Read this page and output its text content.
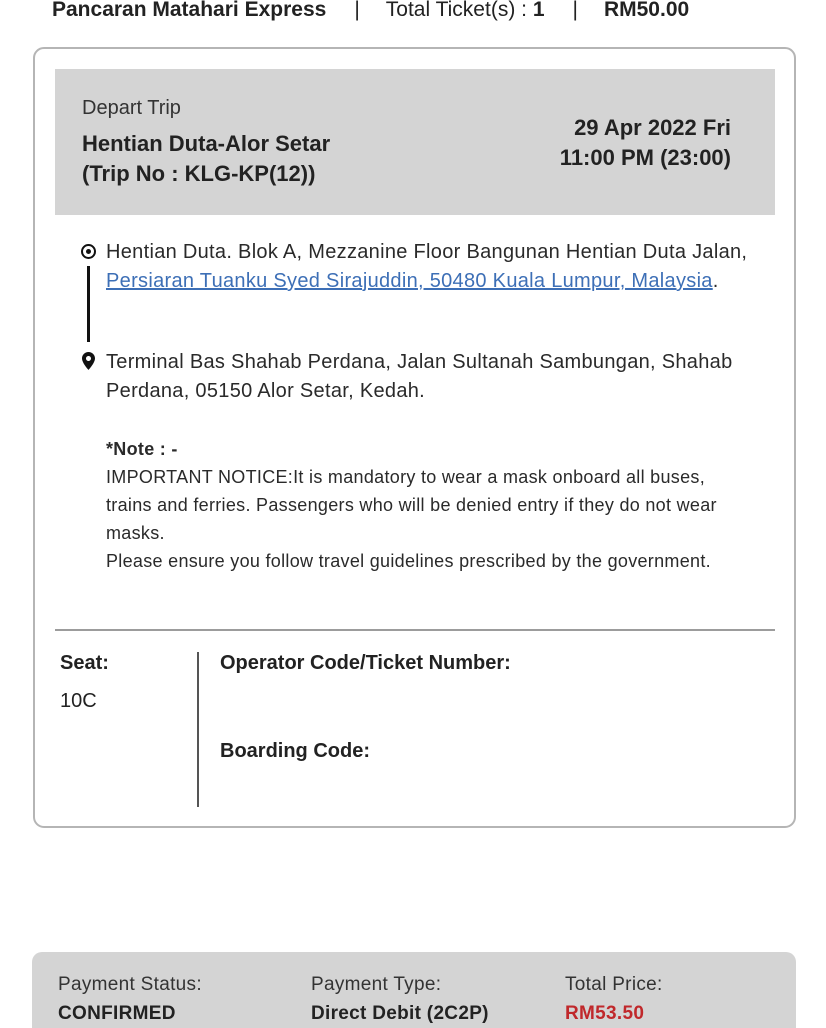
Pancaran Matahari Express | Total Ticket(s) : 1 | RM50.00
Depart Trip
Hentian Duta-Alor Setar
(Trip No : KLG-KP(12))
29 Apr 2022 Fri
11:00 PM (23:00)
Hentian Duta. Blok A, Mezzanine Floor Bangunan Hentian Duta Jalan, Persiaran Tuanku Syed Sirajuddin, 50480 Kuala Lumpur, Malaysia.
Terminal Bas Shahab Perdana, Jalan Sultanah Sambungan, Shahab Perdana, 05150 Alor Setar, Kedah.
*Note : -
IMPORTANT NOTICE:It is mandatory to wear a mask onboard all buses, trains and ferries. Passengers who will be denied entry if they do not wear masks.
Please ensure you follow travel guidelines prescribed by the government.
Seat:
10C
Operator Code/Ticket Number:
Boarding Code:
Payment Status:
CONFIRMED
Payment Type:
Direct Debit (2C2P)
Total Price:
RM53.50
